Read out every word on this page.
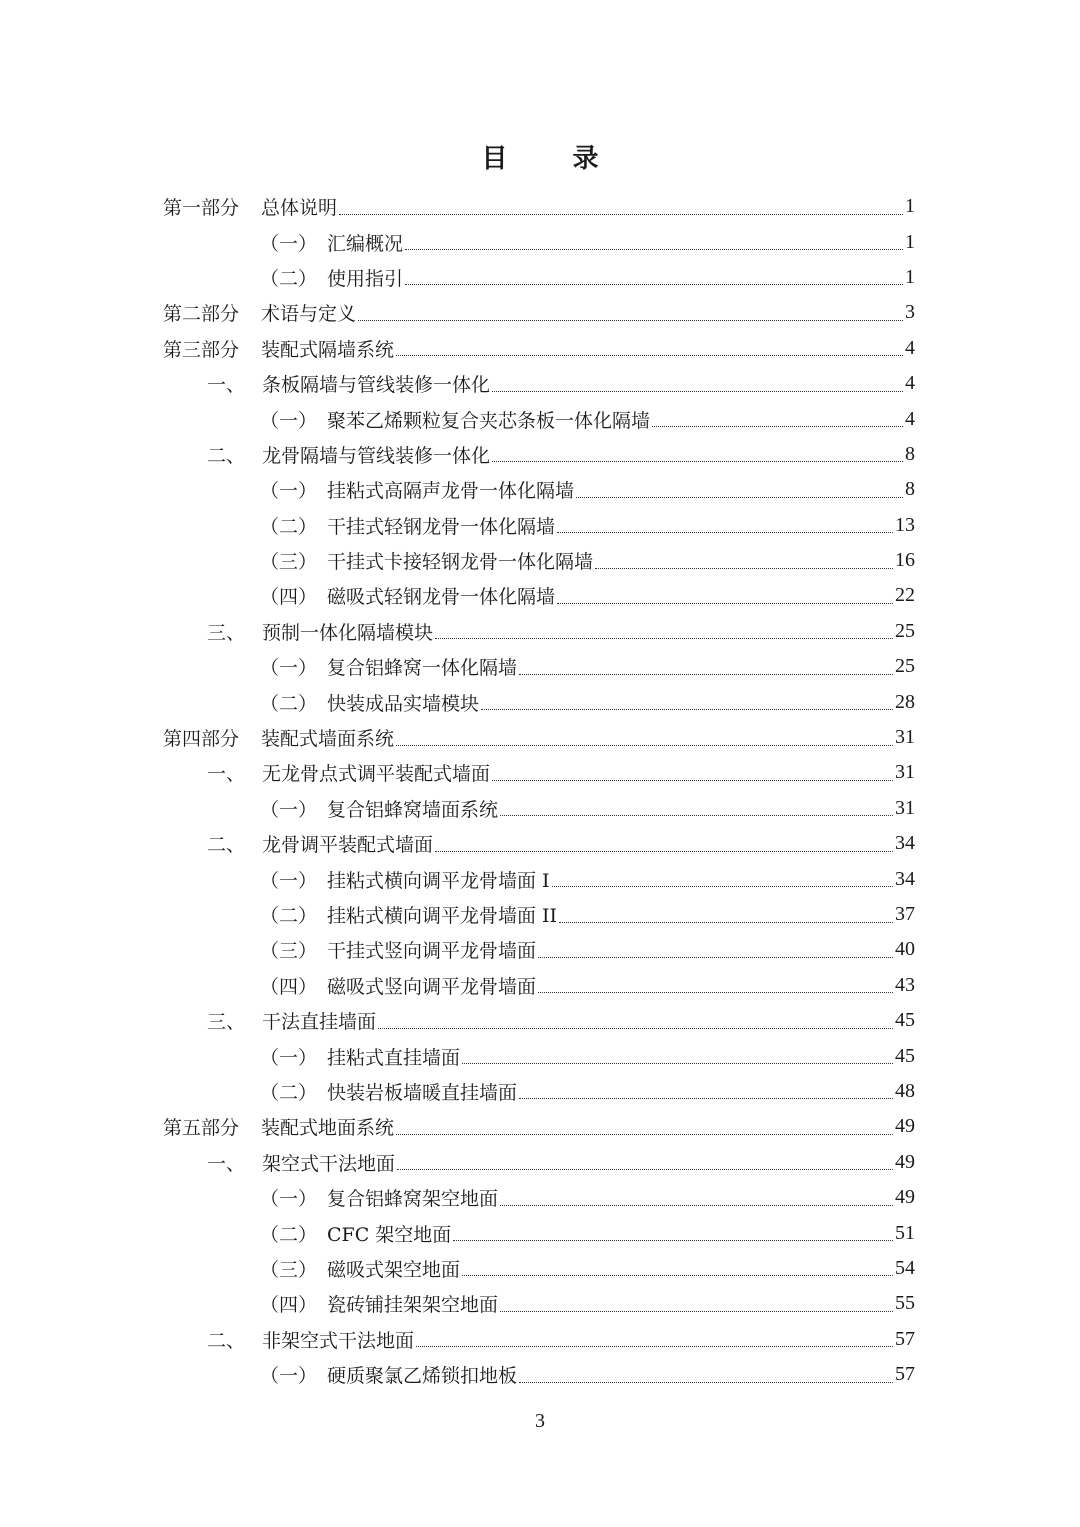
目 录
第一部分	总体说明	1
（一） 汇编概况	1
（二） 使用指引	1
第二部分	术语与定义	3
第三部分	装配式隔墙系统	4
一、 条板隔墙与管线装修一体化	4
（一） 聚苯乙烯颗粒复合夹芯条板一体化隔墙	4
二、 龙骨隔墙与管线装修一体化	8
（一） 挂粘式高隔声龙骨一体化隔墙	8
（二） 干挂式轻钢龙骨一体化隔墙	13
（三） 干挂式卡接轻钢龙骨一体化隔墙	16
（四） 磁吸式轻钢龙骨一体化隔墙	22
三、 预制一体化隔墙模块	25
（一） 复合铝蜂窝一体化隔墙	25
（二） 快装成品实墙模块	28
第四部分	装配式墙面系统	31
一、 无龙骨点式调平装配式墙面	31
（一） 复合铝蜂窝墙面系统	31
二、 龙骨调平装配式墙面	34
（一） 挂粘式横向调平龙骨墙面 I	34
（二） 挂粘式横向调平龙骨墙面 II	37
（三） 干挂式竖向调平龙骨墙面	40
（四） 磁吸式竖向调平龙骨墙面	43
三、 干法直挂墙面	45
（一） 挂粘式直挂墙面	45
（二） 快装岩板墙暖直挂墙面	48
第五部分	装配式地面系统	49
一、 架空式干法地面	49
（一） 复合铝蜂窝架空地面	49
（二） CFC 架空地面	51
（三） 磁吸式架空地面	54
（四） 瓷砖铺挂架架空地面	55
二、 非架空式干法地面	57
（一） 硬质聚氯乙烯锁扣地板	57
3
